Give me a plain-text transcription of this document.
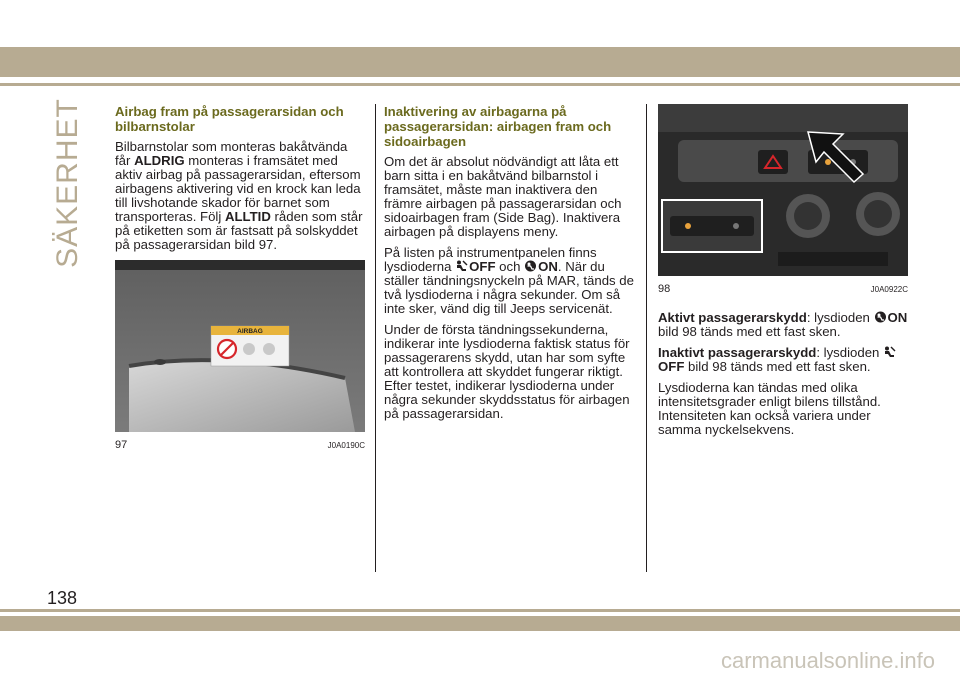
SÄKERHET Airbag fram på passagerarsidan och bilbarnstolar

Bilbarnstolar som monteras bakåtvända får ALDRIG monteras i framsätet med aktiv airbag på passagerarsidan, eftersom airbagens aktivering vid en krock kan leda till livshotande skador för barnet som transporteras. Följ ALLTID råden som står på etiketten som är fastsatt på solskyddet på passagerarsidan bild 97.

AIRBAG
97	J0A0190C
Inaktivering av airbagarna på passagerarsidan: airbagen fram och sidoairbagen

Om det är absolut nödvändigt att låta ett barn sitta i en bakåtvänd bilbarnstol i framsätet, måste man inaktivera den främre airbagen på passagerarsidan och sidoairbagen fram (Side Bag). Inaktivera airbagen på displayens meny.

På listen på instrumentpanelen finns lysdioderna OFF och ON. När du ställer tändningsnyckeln på MAR, tänds de två lysdioderna i några sekunder. Om så inte sker, vänd dig till Jeeps servicenät.

Under de första tändningssekunderna, indikerar inte lysdioderna faktisk status för passagerarens skydd, utan har som syfte att kontrollera att skyddet fungerar riktigt. Efter testet, indikerar lysdioderna under några sekunder skyddsstatus för airbagen på passagerarsidan.

98	J0A0922C

Aktivt passagerarskydd: lysdioden ON bild 98 tänds med ett fast sken.

Inaktivt passagerarskydd: lysdioden OFF bild 98 tänds med ett fast sken.

Lysdioderna kan tändas med olika intensitetsgrader enligt bilens tillstånd. Intensiteten kan också variera under samma nyckelsekvens.

138
carmanualsonline.info
